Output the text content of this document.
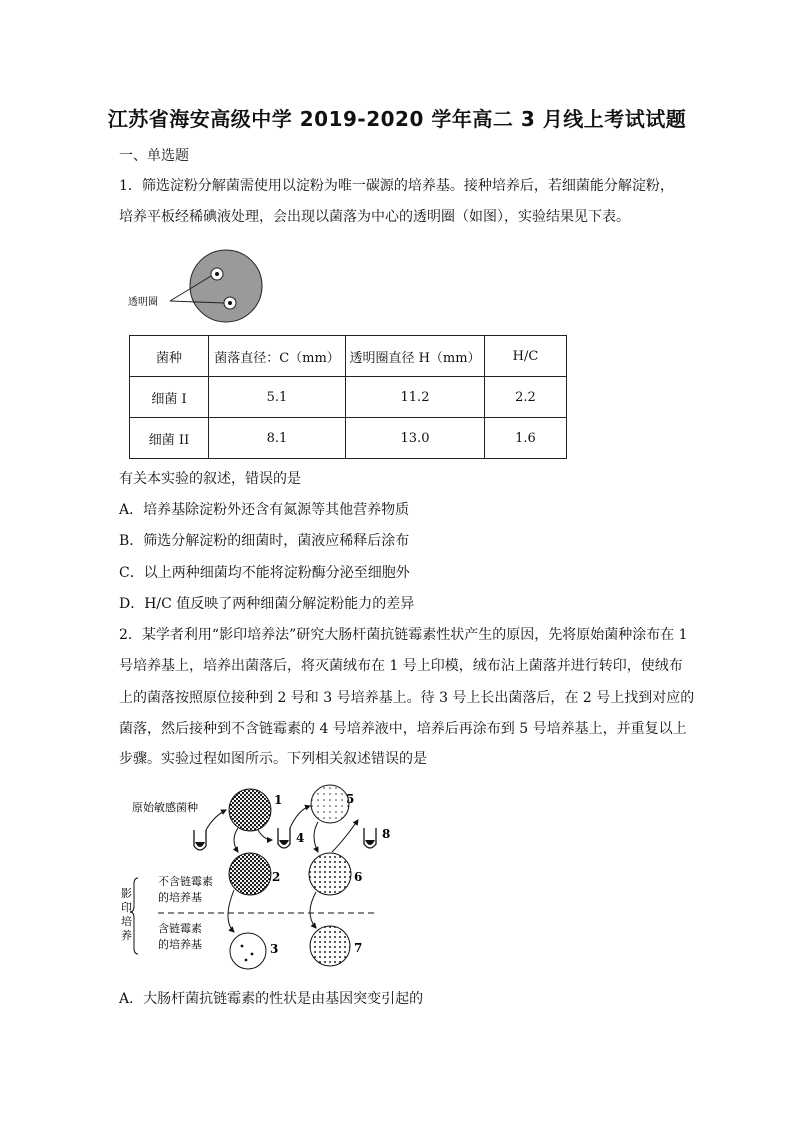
江苏省海安高级中学 2019-2020 学年高二 3 月线上考试试题
一、单选题
1．筛选淀粉分解菌需使用以淀粉为唯一碳源的培养基。接种培养后，若细菌能分解淀粉，
培养平板经稀碘液处理，会出现以菌落为中心的透明圈（如图），实验结果见下表。
透明圈
菌种	菌落直径：C（mm）	透明圈直径 H（mm）	H/C
细菌 I	5.1	11.2	2.2
细菌 II	8.1	13.0	1.6
有关本实验的叙述，错误的是
A．培养基除淀粉外还含有氮源等其他营养物质
B．筛选分解淀粉的细菌时，菌液应稀释后涂布
C．以上两种细菌均不能将淀粉酶分泌至细胞外
D．H/C 值反映了两种细菌分解淀粉能力的差异
2．某学者利用“影印培养法”研究大肠杆菌抗链霉素性状产生的原因，先将原始菌种涂布在 1
号培养基上，培养出菌落后，将灭菌绒布在 1 号上印模，绒布沾上菌落并进行转印，使绒布
上的菌落按照原位接种到 2 号和 3 号培养基上。待 3 号上长出菌落后，在 2 号上找到对应的
菌落，然后接种到不含链霉素的 4 号培养液中，培养后再涂布到 5 号培养基上，并重复以上
步骤。实验过程如图所示。下列相关叙述错误的是
原始敏感菌种
不含链霉素
的培养基
含链霉素
的培养基
影
印
培
养
1
2
3
4
5
6
7
8
A．大肠杆菌抗链霉素的性状是由基因突变引起的
